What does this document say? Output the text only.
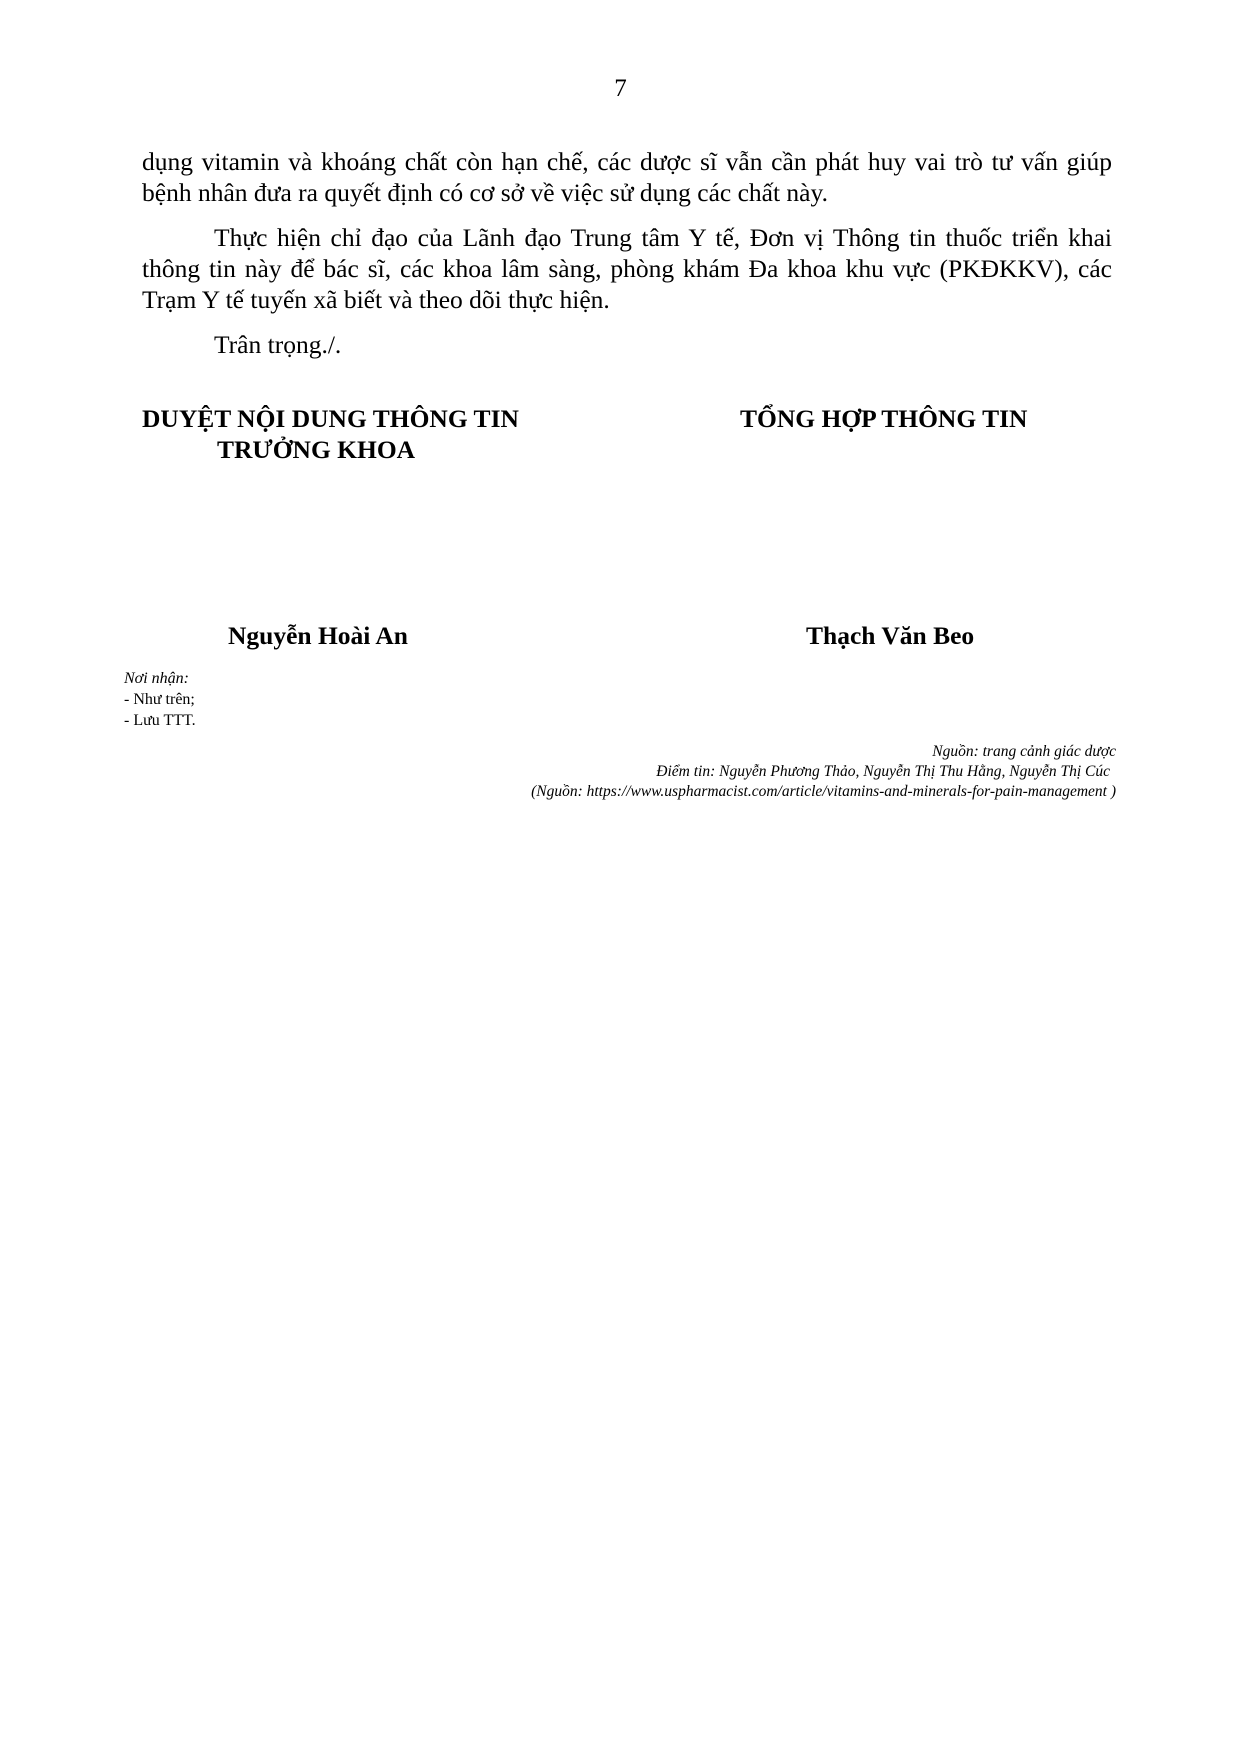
7

dụng vitamin và khoáng chất còn hạn chế, các dược sĩ vẫn cần phát huy vai trò tư vấn giúp bệnh nhân đưa ra quyết định có cơ sở về việc sử dụng các chất này.

Thực hiện chỉ đạo của Lãnh đạo Trung tâm Y tế, Đơn vị Thông tin thuốc triển khai thông tin này để bác sĩ, các khoa lâm sàng, phòng khám Đa khoa khu vực (PKĐKKV), các Trạm Y tế tuyến xã biết và theo dõi thực hiện.

Trân trọng./.

DUYỆT NỘI DUNG THÔNG TIN
TRƯỞNG KHOA
TỔNG HỢP THÔNG TIN
Nguyễn Hoài An	Thạch Văn Beo
Nơi nhận:
- Như trên;
- Lưu TTT.
Nguồn: trang cảnh giác dược
Điểm tin: Nguyễn Phương Thảo, Nguyễn Thị Thu Hằng, Nguyễn Thị Cúc
(Nguồn: https://www.uspharmacist.com/article/vitamins-and-minerals-for-pain-management )
